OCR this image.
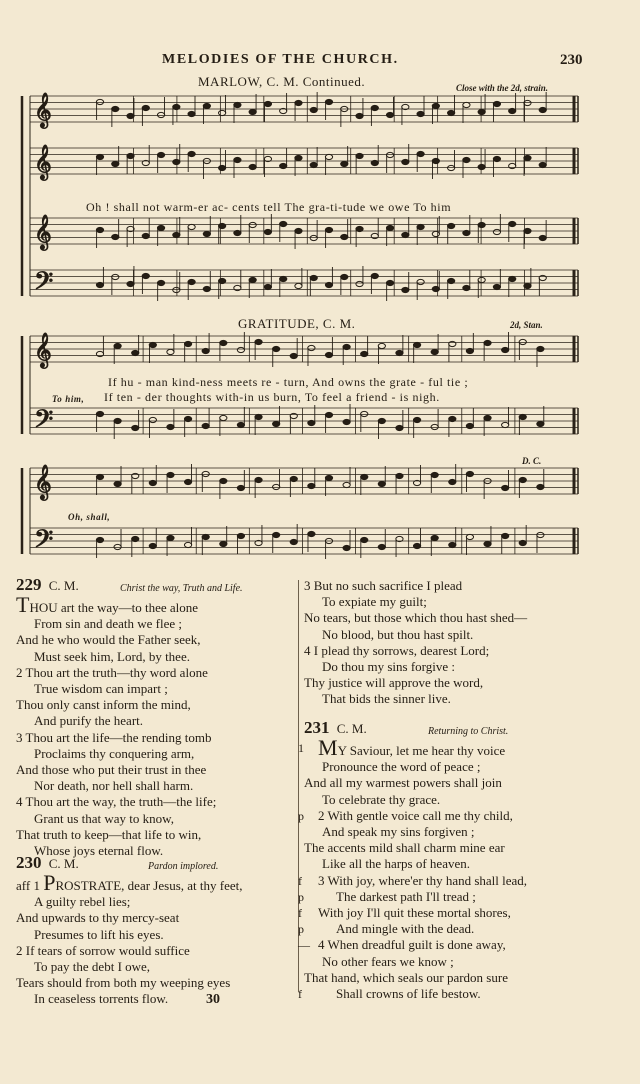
MELODIES OF THE CHURCH.	230
MARLOW, C. M. Continued.	Close with the 2d, strain.
Oh ! shall not warm-er ac- cents tell The gra-ti-tude we owe To him
GRATITUDE, C. M.	2d, Stan.
If hu - man kind-ness meets re - turn, And owns the grate - ful tie ;
To him, If ten - der thoughts with-in us burn, To feel a friend - is nigh.
D. C.
Oh, shall,
𝄞
𝄞
𝄞
𝄢
𝄞
𝄢
𝄞
𝄢
229 C. M.	Christ the way, Truth and Life.
THOU art the way—to thee alone
From sin and death we flee ;
And he who would the Father seek,
Must seek him, Lord, by thee.
2 Thou art the truth—thy word alone
True wisdom can impart ;
Thou only canst inform the mind,
And purify the heart.
3 Thou art the life—the rending tomb
Proclaims thy conquering arm,
And those who put their trust in thee
Nor death, nor hell shall harm.
4 Thou art the way, the truth—the life;
Grant us that way to know,
That truth to keep—that life to win,
Whose joys eternal flow.
230 C. M.	Pardon implored.
aff 1 PROSTRATE, dear Jesus, at thy feet,
A guilty rebel lies;
And upwards to thy mercy-seat
Presumes to lift his eyes.
2 If tears of sorrow would suffice
To pay the debt I owe,
Tears should from both my weeping eyes
In ceaseless torrents flow.
3 But no such sacrifice I plead
To expiate my guilt;
No tears, but those which thou hast shed—
No blood, but thou hast spilt.
4 I plead thy sorrows, dearest Lord;
Do thou my sins forgive :
Thy justice will approve the word,
That bids the sinner live.
231 C. M.	Returning to Christ.
1 MY Saviour, let me hear thy voice
Pronounce the word of peace ;
And all my warmest powers shall join
To celebrate thy grace.
p 2 With gentle voice call me thy child,
And speak my sins forgiven ;
The accents mild shall charm mine ear
Like all the harps of heaven.
f 3 With joy, where'er thy hand shall lead,
p The darkest path I'll tread ;
f With joy I'll quit these mortal shores,
p And mingle with the dead.
— 4 When dreadful guilt is done away,
No other fears we know ;
That hand, which seals our pardon sure
f	Shall crowns of life bestow.
30
